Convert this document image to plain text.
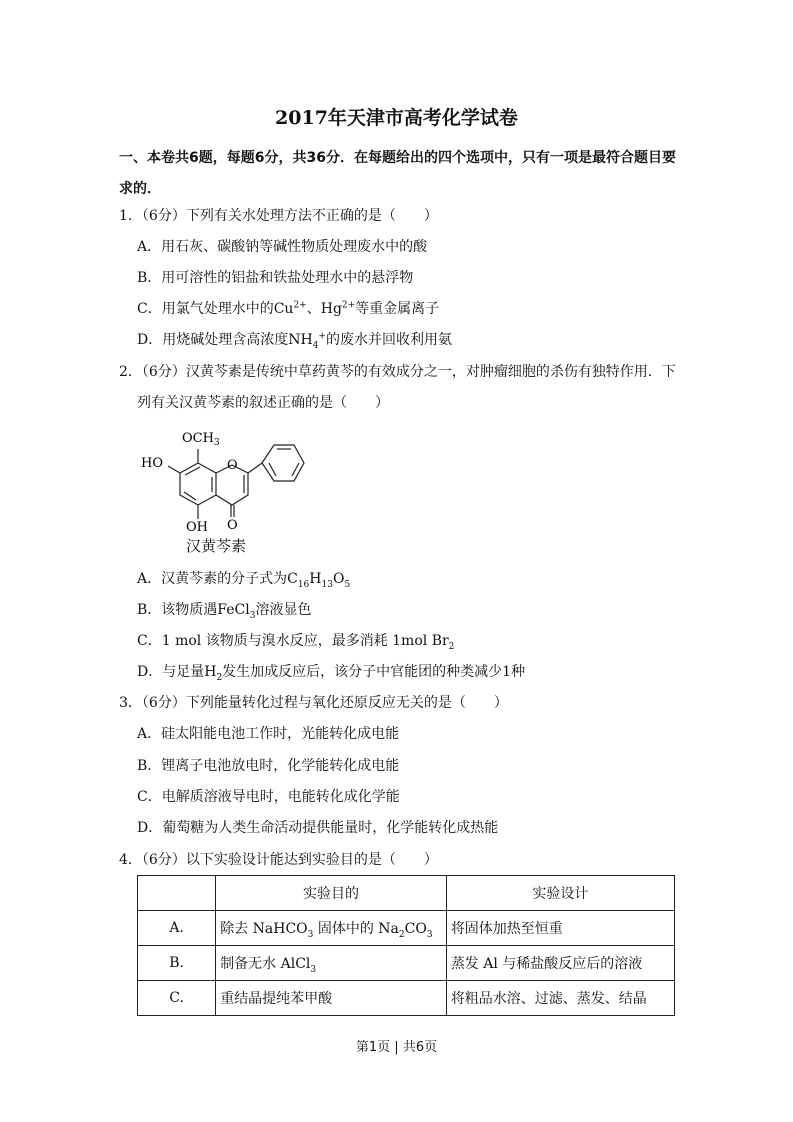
2017年天津市高考化学试卷
一、本卷共6题，每题6分，共36分．在每题给出的四个选项中，只有一项是最符合题目要求的．
1．（6分）下列有关水处理方法不正确的是（　　）
A．用石灰、碳酸钠等碱性物质处理废水中的酸
B．用可溶性的铝盐和铁盐处理水中的悬浮物
C．用氯气处理水中的$Cu^{2+}$、$Hg^{2+}$等重金属离子
D．用烧碱处理含高浓度$NH_4^+$的废水并回收利用氨
2．（6分）汉黄芩素是传统中草药黄芩的有效成分之一，对肿瘤细胞的杀伤有独特作用．下
列有关汉黄芩素的叙述正确的是（　　）
$OCH_3$
HO
OH
O
O
汉黄芩素
A．汉黄芩素的分子式为$C_{16}H_{13}O_5$
B．该物质遇FeCl$_3$溶液显色
C．1 mol 该物质与溴水反应，最多消耗 1mol $Br_2$
D．与足量$H_2$发生加成反应后，该分子中官能团的种类减少1种
3．（6分）下列能量转化过程与氧化还原反应无关的是（　　）
A．硅太阳能电池工作时，光能转化成电能
B．锂离子电池放电时，化学能转化成电能
C．电解质溶液导电时，电能转化成化学能
D．葡萄糖为人类生命活动提供能量时，化学能转化成热能
4．（6分）以下实验设计能达到实验目的是（　　）
	实验目的	实验设计
A.	除去 NaHCO$_3$ 固体中的 $Na_2CO_3$	将固体加热至恒重
B.	制备无水 AlCl$_3$	蒸发 Al 与稀盐酸反应后的溶液
C.	重结晶提纯苯甲酸	将粗品水溶、过滤、蒸发、结晶
第1页 | 共6页
